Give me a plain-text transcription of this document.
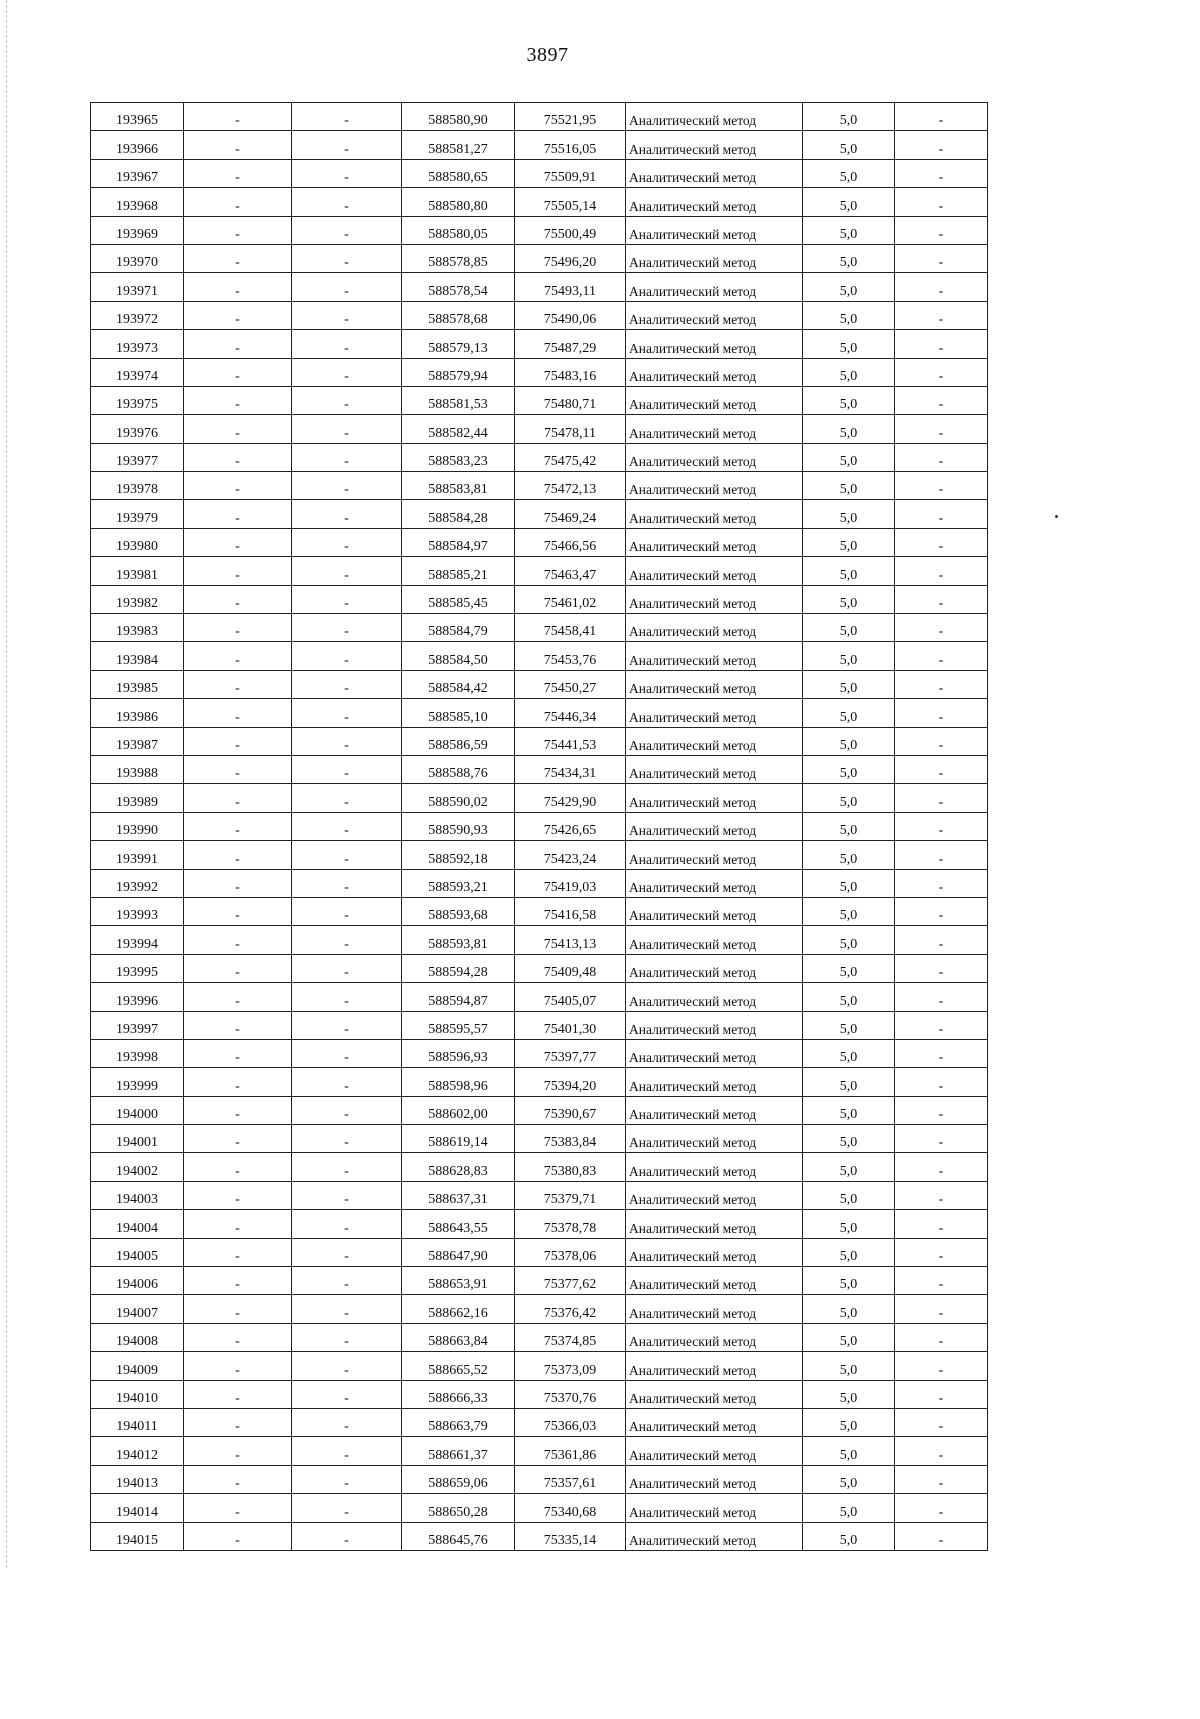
3897
193965	-	-	588580,90	75521,95	Аналитический метод	5,0	-
193966	-	-	588581,27	75516,05	Аналитический метод	5,0	-
193967	-	-	588580,65	75509,91	Аналитический метод	5,0	-
193968	-	-	588580,80	75505,14	Аналитический метод	5,0	-
193969	-	-	588580,05	75500,49	Аналитический метод	5,0	-
193970	-	-	588578,85	75496,20	Аналитический метод	5,0	-
193971	-	-	588578,54	75493,11	Аналитический метод	5,0	-
193972	-	-	588578,68	75490,06	Аналитический метод	5,0	-
193973	-	-	588579,13	75487,29	Аналитический метод	5,0	-
193974	-	-	588579,94	75483,16	Аналитический метод	5,0	-
193975	-	-	588581,53	75480,71	Аналитический метод	5,0	-
193976	-	-	588582,44	75478,11	Аналитический метод	5,0	-
193977	-	-	588583,23	75475,42	Аналитический метод	5,0	-
193978	-	-	588583,81	75472,13	Аналитический метод	5,0	-
193979	-	-	588584,28	75469,24	Аналитический метод	5,0	-
193980	-	-	588584,97	75466,56	Аналитический метод	5,0	-
193981	-	-	588585,21	75463,47	Аналитический метод	5,0	-
193982	-	-	588585,45	75461,02	Аналитический метод	5,0	-
193983	-	-	588584,79	75458,41	Аналитический метод	5,0	-
193984	-	-	588584,50	75453,76	Аналитический метод	5,0	-
193985	-	-	588584,42	75450,27	Аналитический метод	5,0	-
193986	-	-	588585,10	75446,34	Аналитический метод	5,0	-
193987	-	-	588586,59	75441,53	Аналитический метод	5,0	-
193988	-	-	588588,76	75434,31	Аналитический метод	5,0	-
193989	-	-	588590,02	75429,90	Аналитический метод	5,0	-
193990	-	-	588590,93	75426,65	Аналитический метод	5,0	-
193991	-	-	588592,18	75423,24	Аналитический метод	5,0	-
193992	-	-	588593,21	75419,03	Аналитический метод	5,0	-
193993	-	-	588593,68	75416,58	Аналитический метод	5,0	-
193994	-	-	588593,81	75413,13	Аналитический метод	5,0	-
193995	-	-	588594,28	75409,48	Аналитический метод	5,0	-
193996	-	-	588594,87	75405,07	Аналитический метод	5,0	-
193997	-	-	588595,57	75401,30	Аналитический метод	5,0	-
193998	-	-	588596,93	75397,77	Аналитический метод	5,0	-
193999	-	-	588598,96	75394,20	Аналитический метод	5,0	-
194000	-	-	588602,00	75390,67	Аналитический метод	5,0	-
194001	-	-	588619,14	75383,84	Аналитический метод	5,0	-
194002	-	-	588628,83	75380,83	Аналитический метод	5,0	-
194003	-	-	588637,31	75379,71	Аналитический метод	5,0	-
194004	-	-	588643,55	75378,78	Аналитический метод	5,0	-
194005	-	-	588647,90	75378,06	Аналитический метод	5,0	-
194006	-	-	588653,91	75377,62	Аналитический метод	5,0	-
194007	-	-	588662,16	75376,42	Аналитический метод	5,0	-
194008	-	-	588663,84	75374,85	Аналитический метод	5,0	-
194009	-	-	588665,52	75373,09	Аналитический метод	5,0	-
194010	-	-	588666,33	75370,76	Аналитический метод	5,0	-
194011	-	-	588663,79	75366,03	Аналитический метод	5,0	-
194012	-	-	588661,37	75361,86	Аналитический метод	5,0	-
194013	-	-	588659,06	75357,61	Аналитический метод	5,0	-
194014	-	-	588650,28	75340,68	Аналитический метод	5,0	-
194015	-	-	588645,76	75335,14	Аналитический метод	5,0	-
